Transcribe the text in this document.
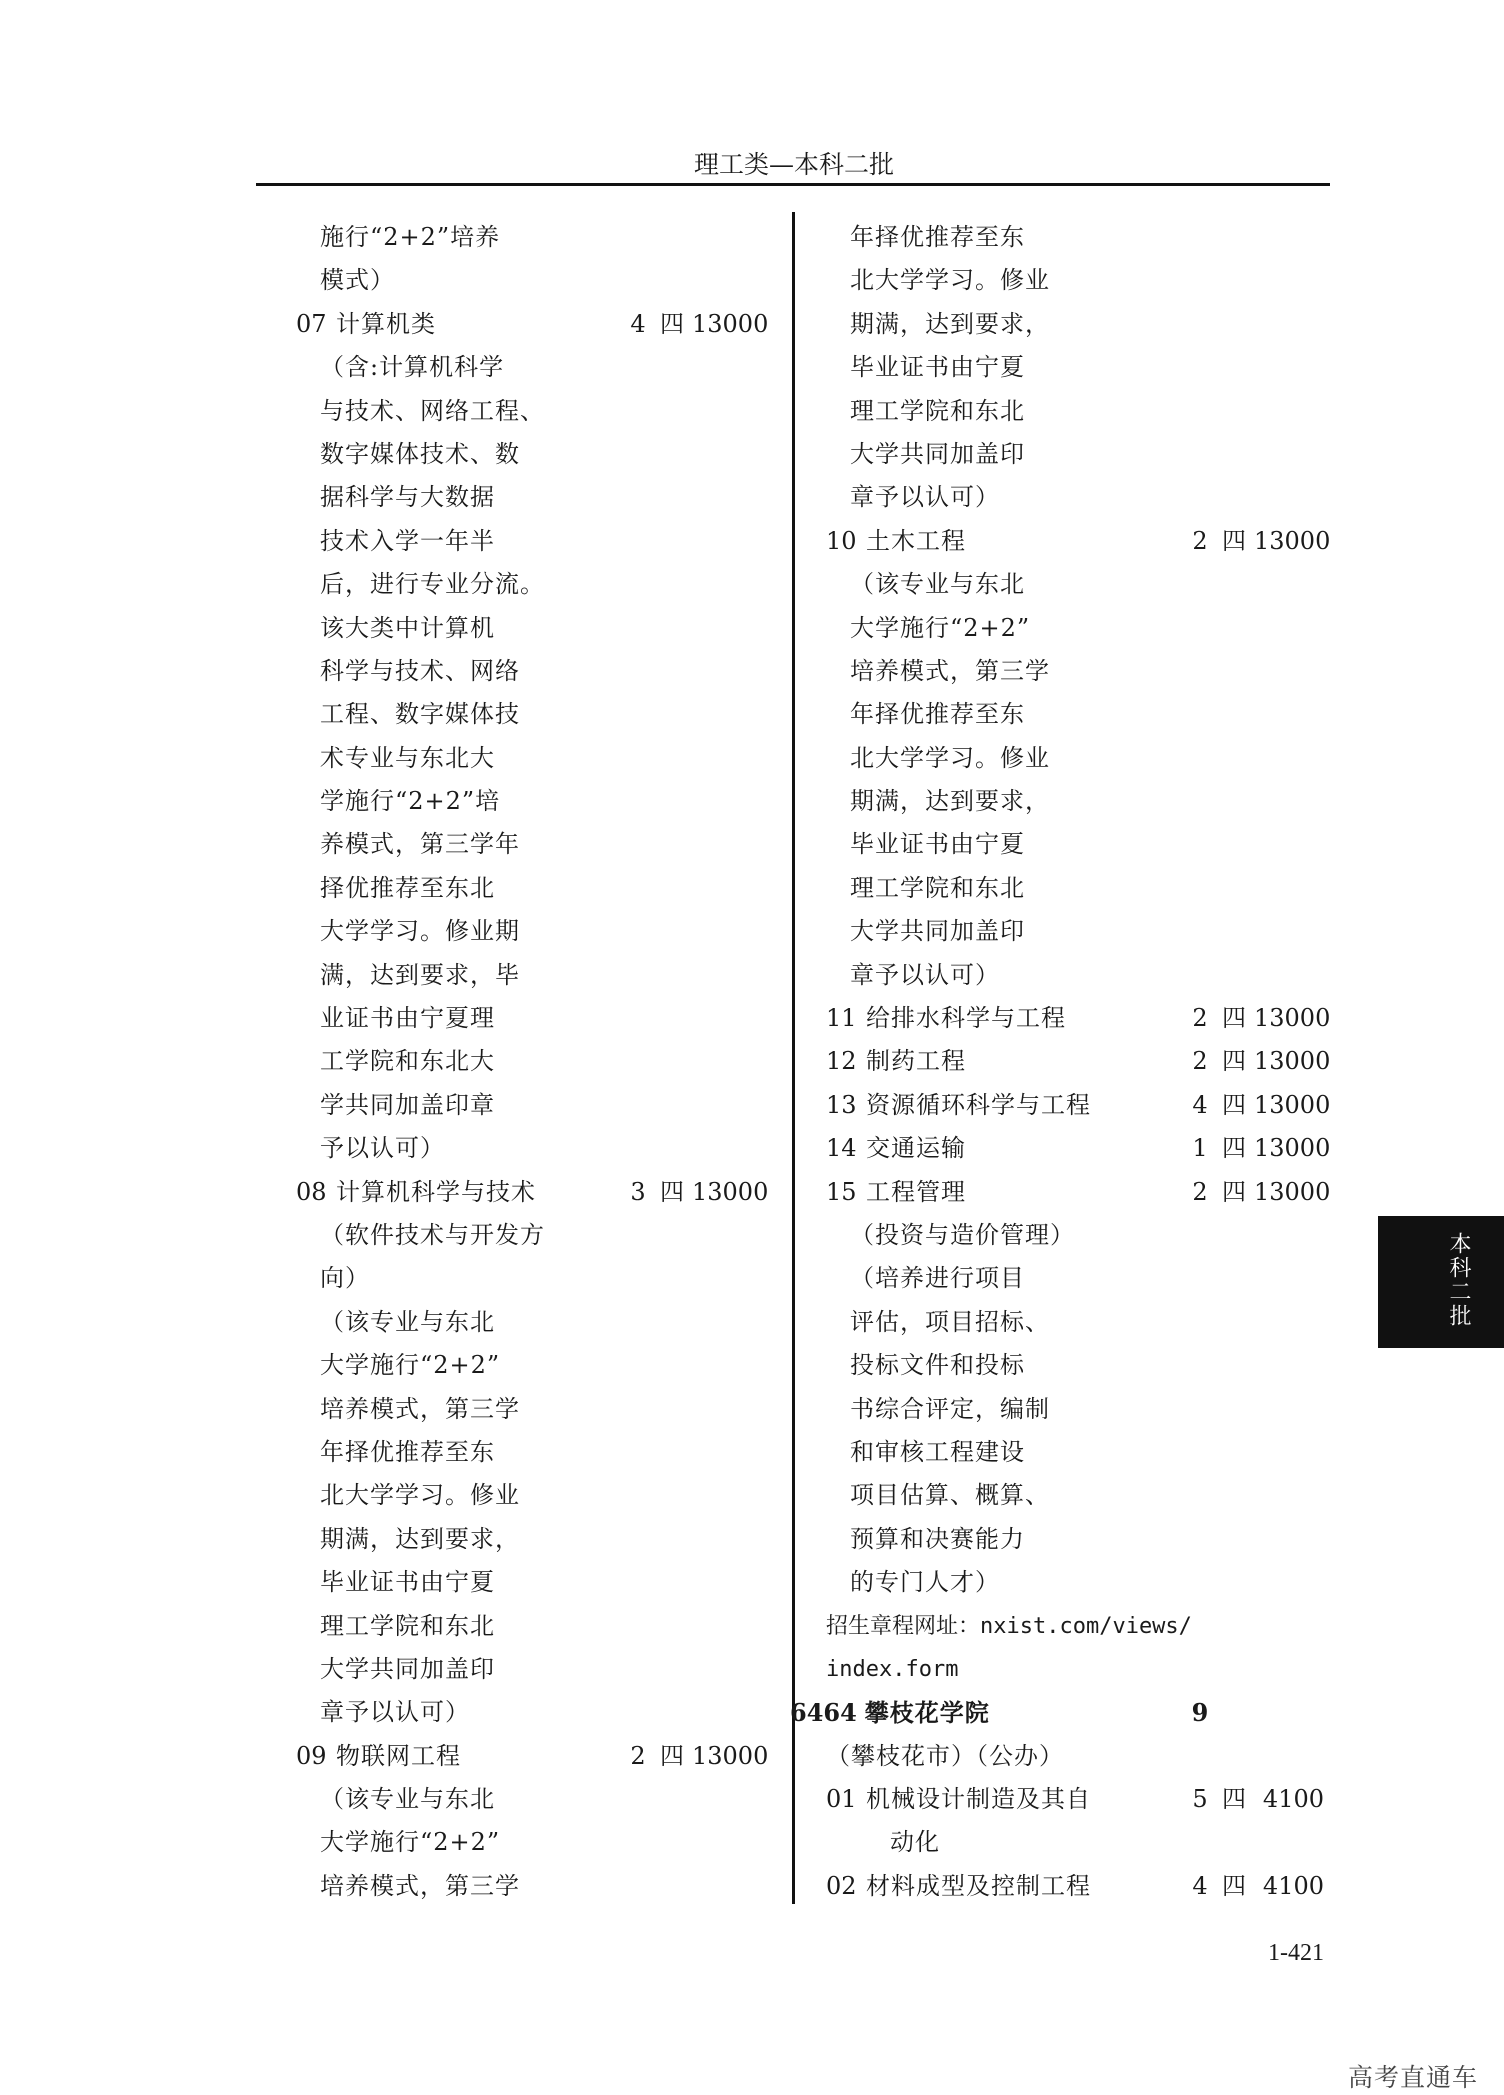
理工类—本科二批
施行“2+2”培养
模式）
07 计算机类	4 四 13000
（含:计算机科学
与技术、网络工程、
数字媒体技术、数
据科学与大数据
技术入学一年半
后，进行专业分流。
该大类中计算机
科学与技术、网络
工程、数字媒体技
术专业与东北大
学施行“2+2”培
养模式，第三学年
择优推荐至东北
大学学习。修业期
满，达到要求，毕
业证书由宁夏理
工学院和东北大
学共同加盖印章
予以认可）
08 计算机科学与技术	3 四 13000
（软件技术与开发方
向）
（该专业与东北
大学施行“2+2”
培养模式，第三学
年择优推荐至东
北大学学习。修业
期满，达到要求，
毕业证书由宁夏
理工学院和东北
大学共同加盖印
章予以认可）
09 物联网工程	2 四 13000
（该专业与东北
大学施行“2+2”
培养模式，第三学
年择优推荐至东
北大学学习。修业
期满，达到要求，
毕业证书由宁夏
理工学院和东北
大学共同加盖印
章予以认可）
10 土木工程	2 四 13000
（该专业与东北
大学施行“2+2”
培养模式，第三学
年择优推荐至东
北大学学习。修业
期满，达到要求，
毕业证书由宁夏
理工学院和东北
大学共同加盖印
章予以认可）
11 给排水科学与工程	2 四 13000
12 制药工程	2 四 13000
13 资源循环科学与工程	4 四 13000
14 交通运输	1 四 13000
15 工程管理	2 四 13000
（投资与造价管理）
（培养进行项目
评估，项目招标、
投标文件和投标
书综合评定，编制
和审核工程建设
项目估算、概算、
预算和决赛能力
的专门人才）
招生章程网址：nxist.com/views/
index.form
6464 攀枝花学院	9
（攀枝花市）（公办）
01 机械设计制造及其自	5 四 4100
动化
02 材料成型及控制工程	4 四 4100
本科二批
1-421
高考直通车
